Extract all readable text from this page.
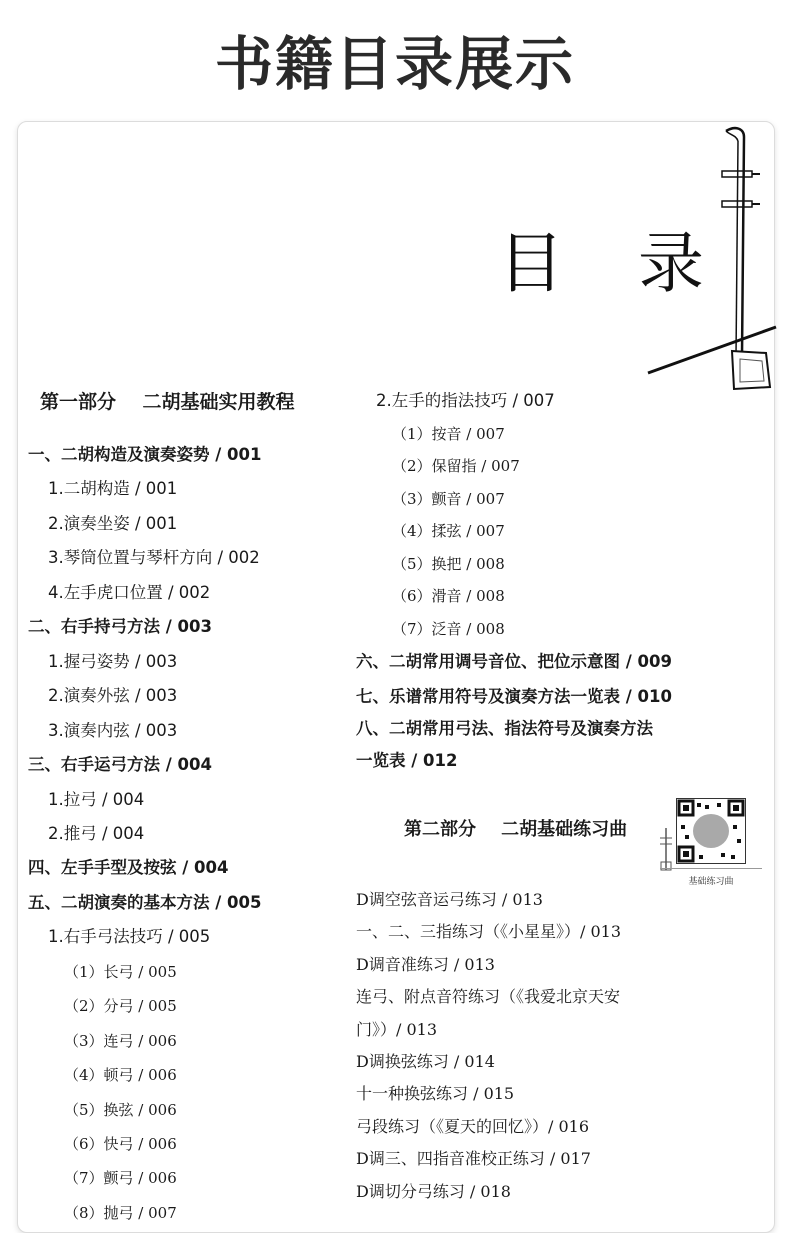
书籍目录展示
目 录
第一部分    二胡基础实用教程
一、二胡构造及演奏姿势 / 001
1.二胡构造 / 001
2.演奏坐姿 / 001
3.琴筒位置与琴杆方向 / 002
4.左手虎口位置 / 002
二、右手持弓方法 / 003
1.握弓姿势 / 003
2.演奏外弦 / 003
3.演奏内弦 / 003
三、右手运弓方法 / 004
1.拉弓 / 004
2.推弓 / 004
四、左手手型及按弦 / 004
五、二胡演奏的基本方法 / 005
1.右手弓法技巧 / 005
（1）长弓 / 005
（2）分弓 / 005
（3）连弓 / 006
（4）顿弓 / 006
（5）换弦 / 006
（6）快弓 / 006
（7）颤弓 / 006
（8）抛弓 / 007
2.左手的指法技巧 / 007
（1）按音 / 007
（2）保留指 / 007
（3）颤音 / 007
（4）揉弦 / 007
（5）换把 / 008
（6）滑音 / 008
（7）泛音 / 008
六、二胡常用调号音位、把位示意图 / 009
七、乐谱常用符号及演奏方法一览表 / 010
八、二胡常用弓法、指法符号及演奏方法
一览表 / 012
第二部分    二胡基础练习曲
基础练习曲
D调空弦音运弓练习 / 013
一、二、三指练习（《小星星》）/ 013
D调音准练习 / 013
连弓、附点音符练习（《我爱北京天安
门》）/ 013
D调换弦练习 / 014
十一种换弦练习 / 015
弓段练习（《夏天的回忆》）/ 016
D调三、四指音准校正练习 / 017
D调切分弓练习 / 018
